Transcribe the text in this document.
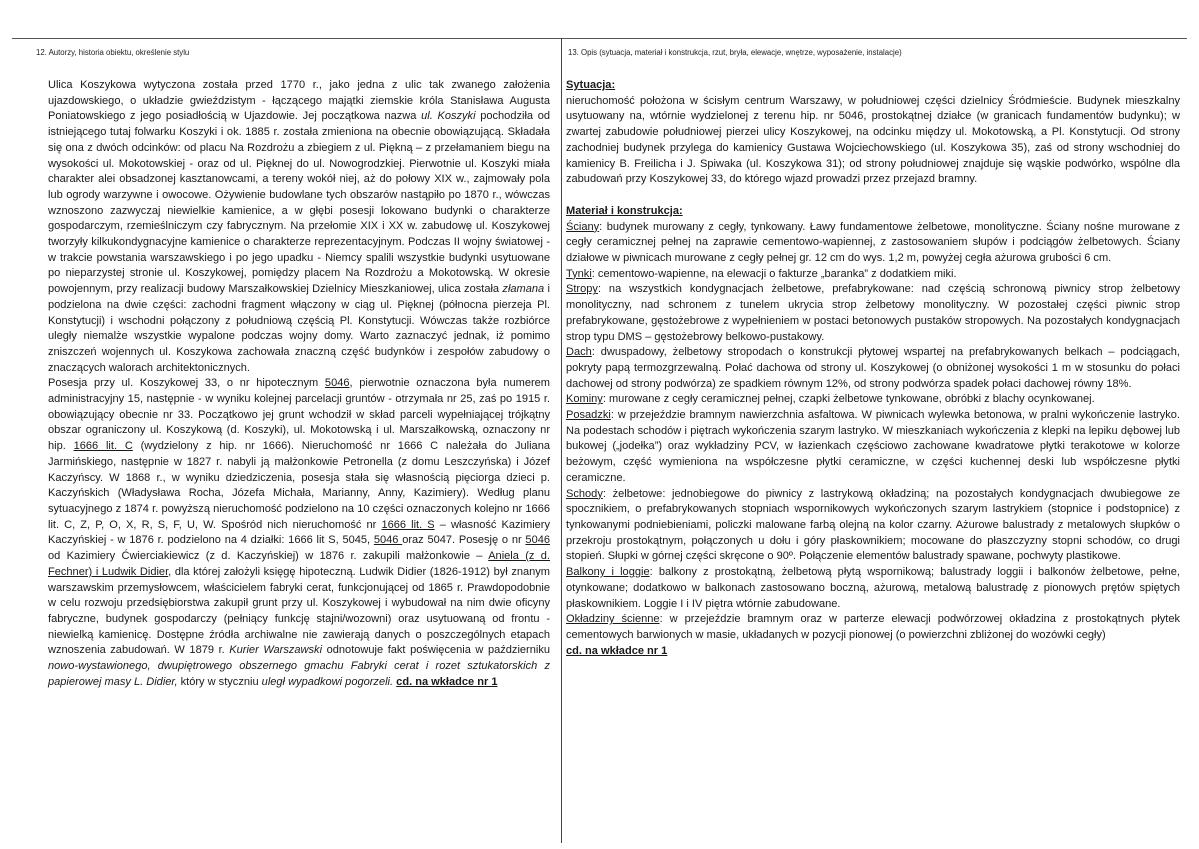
12. Autorzy, historia obiektu, określenie stylu

Ulica Koszykowa wytyczona została przed 1770 r., jako jedna z ulic tak zwanego założenia ujazdowskiego, o układzie gwieździstym - łączącego majątki ziemskie króla Stanisława Augusta Poniatowskiego z jego posiadłością w Ujazdowie. Jej początkowa nazwa ul. Koszyki pochodziła od istniejącego tutaj folwarku Koszyki i ok. 1885 r. została zmieniona na obecnie obowiązującą. Składała się ona z dwóch odcinków: od placu Na Rozdrożu a zbiegiem z ul. Piękną – z przełamaniem biegu na wysokości ul. Mokotowskiej - oraz od ul. Pięknej do ul. Nowogrodzkiej. Pierwotnie ul. Koszyki miała charakter alei obsadzonej kasztanowcami, a tereny wokół niej, aż do połowy XIX w., zajmowały pola lub ogrody warzywne i owocowe. Ożywienie budowlane tych obszarów nastąpiło po 1870 r., wówczas wznoszono zazwyczaj niewielkie kamienice, a w głębi posesji lokowano budynki o charakterze gospodarczym, rzemieślniczym czy fabrycznym. Na przełomie XIX i XX w. zabudowę ul. Koszykowej tworzyły kilkukondygnacyjne kamienice o charakterze reprezentacyjnym. Podczas II wojny światowej - w trakcie powstania warszawskiego i po jego upadku - Niemcy spalili wszystkie budynki usytuowane po nieparzystej stronie ul. Koszykowej, pomiędzy placem Na Rozdrożu a Mokotowską. W okresie powojennym, przy realizacji budowy Marszałkowskiej Dzielnicy Mieszkaniowej, ulica została złamana i podzielona na dwie części: zachodni fragment włączony w ciąg ul. Pięknej (północna pierzeja Pl. Konstytucji) i wschodni połączony z południową częścią Pl. Konstytucji. Wówczas także rozbiórce uległy niemalże wszystkie wypalone podczas wojny domy. Warto zaznaczyć jednak, iż pomimo zniszczeń wojennych ul. Koszykowa zachowała znaczną część budynków i zespołów zabudowy o znaczących walorach architektonicznych.

Posesja przy ul. Koszykowej 33, o nr hipotecznym 5046, pierwotnie oznaczona była numerem administracyjny 15, następnie - w wyniku kolejnej parcelacji gruntów - otrzymała nr 25, zaś po 1915 r. obowiązujący obecnie nr 33. Początkowo jej grunt wchodził w skład parceli wypełniającej trójkątny obszar ograniczony ul. Koszykową (d. Koszyki), ul. Mokotowską i ul. Marszałkowską, oznaczony nr hip. 1666 lit. C (wydzielony z hip. nr 1666). Nieruchomość nr 1666 C należała do Juliana Jarmińskiego, następnie w 1827 r. nabyli ją małżonkowie Petronella (z domu Leszczyńska) i Józef Kaczyńscy. W 1868 r., w wyniku dziedziczenia, posesja stała się własnością pięciorga dzieci p. Kaczyńskich (Władysława Rocha, Józefa Michała, Marianny, Anny, Kazimiery). Według planu sytuacyjnego z 1874 r. powyższą nieruchomość podzielono na 10 części oznaczonych kolejno nr 1666 lit. C, Z, P, O, X, R, S, F, U, W. Spośród nich nieruchomość nr 1666 lit. S – własność Kazimiery Kaczyńskiej - w 1876 r. podzielono na 4 działki: 1666 lit S, 5045, 5046 oraz 5047. Posesję o nr 5046 od Kazimiery Ćwierciakiewicz (z d. Kaczyńskiej) w 1876 r. zakupili małżonkowie – Aniela (z d. Fechner) i Ludwik Didier, dla której założyli księgę hipoteczną. Ludwik Didier (1826-1912) był znanym warszawskim przemysłowcem, właścicielem fabryki cerat, funkcjonującej od 1865 r. Prawdopodobnie w celu rozwoju przedsiębiorstwa zakupił grunt przy ul. Koszykowej i wybudował na nim dwie oficyny fabryczne, budynek gospodarczy (pełniący funkcję stajni/wozowni) oraz usytuowaną od frontu - niewielką kamienicę. Dostępne źródła archiwalne nie zawierają danych o poszczególnych etapach wznoszenia zabudowań. W 1879 r. Kurier Warszawski odnotowuje fakt poświęcenia w październiku nowo-wystawionego, dwupiętrowego obszernego gmachu Fabryki cerat i rozet sztukatorskich z papierowej masy L. Didier, który w styczniu uległ wypadkowi pogorzeli. cd. na wkładce nr 1

13. Opis (sytuacja, materiał i konstrukcja, rzut, bryła, elewacje, wnętrze, wyposażenie, instalacje)
Sytuacja:

nieruchomość położona w ścisłym centrum Warszawy, w południowej części dzielnicy Śródmieście. Budynek mieszkalny usytuowany na, wtórnie wydzielonej z terenu hip. nr 5046, prostokątnej działce (w granicach fundamentów budynku); w zwartej zabudowie południowej pierzei ulicy Koszykowej, na odcinku między ul. Mokotowską, a Pl. Konstytucji. Od strony zachodniej budynek przylega do kamienicy Gustawa Wojciechowskiego (ul. Koszykowa 35), zaś od strony wschodniej do kamienicy B. Freilicha i J. Spiwaka (ul. Koszykowa 31); od strony południowej znajduje się wąskie podwórko, wspólne dla zabudowań przy Koszykowej 33, do którego wjazd prowadzi przez przejazd bramny.

Materiał i konstrukcja:

Ściany: budynek murowany z cegły, tynkowany. Ławy fundamentowe żelbetowe, monolityczne. Ściany nośne murowane z cegły ceramicznej pełnej na zaprawie cementowo-wapiennej, z zastosowaniem słupów i podciągów żelbetowych. Ściany działowe w piwnicach murowane z cegły pełnej gr. 12 cm do wys. 1,2 m, powyżej cegła ażurowa grubości 6 cm.

Tynki: cementowo-wapienne, na elewacji o fakturze „baranka” z dodatkiem miki.

Stropy: na wszystkich kondygnacjach żelbetowe, prefabrykowane: nad częścią schronową piwnicy strop żelbetowy monolityczny, nad schronem z tunelem ukrycia strop żelbetowy monolityczny. W pozostałej części piwnic strop prefabrykowane, gęstożebrowe z wypełnieniem w postaci betonowych pustaków stropowych. Na pozostałych kondygnacjach strop typu DMS – gęstożebrowy belkowo-pustakowy.

Dach: dwuspadowy, żelbetowy stropodach o konstrukcji płytowej wspartej na prefabrykowanych belkach – podciągach, pokryty papą termozgrzewalną. Połać dachowa od strony ul. Koszykowej (o obniżonej wysokości 1 m w stosunku do połaci dachowej od strony podwórza) ze spadkiem równym 12%, od strony podwórza spadek połaci dachowej równy 18%.

Kominy: murowane z cegły ceramicznej pełnej, czapki żelbetowe tynkowane, obróbki z blachy ocynkowanej.

Posadzki: w przejeździe bramnym nawierzchnia asfaltowa. W piwnicach wylewka betonowa, w pralni wykończenie lastryko. Na podestach schodów i piętrach wykończenia szarym lastryko. W mieszkaniach wykończenia z klepki na lepiku dębowej lub bukowej („jodełka”) oraz wykładziny PCV, w łazienkach częściowo zachowane kwadratowe płytki terakotowe w kolorze beżowym, część wymieniona na współczesne płytki ceramiczne, w części kuchennej deski lub współczesne płytki ceramiczne.

Schody: żelbetowe: jednobiegowe do piwnicy z lastrykową okładziną; na pozostałych kondygnacjach dwubiegowe ze spocznikiem, o prefabrykowanych stopniach wspornikowych wykończonych szarym lastrykiem (stopnice i podstopnice) z tynkowanymi podniebieniami, policzki malowane farbą olejną na kolor czarny. Ażurowe balustrady z metalowych słupków o przekroju prostokątnym, połączonych u dołu i góry płaskownikiem; mocowane do płaszczyzny stopni schodów, co drugi stopień. Słupki w górnej części skręcone o 90º. Połączenie elementów balustrady spawane, pochwyty plastikowe.

Balkony i loggie: balkony z prostokątną, żelbetową płytą wspornikową; balustrady loggii i balkonów żelbetowe, pełne, otynkowane; dodatkowo w balkonach zastosowano boczną, ażurową, metalową balustradę z pionowych prętów spiętych płaskownikiem. Loggie I i IV piętra wtórnie zabudowane.

Okładziny ścienne: w przejeździe bramnym oraz w parterze elewacji podwórzowej okładzina z prostokątnych płytek cementowych barwionych w masie, układanych w pozycji pionowej (o powierzchni zbliżonej do wozówki cegły)

cd. na wkładce nr 1
